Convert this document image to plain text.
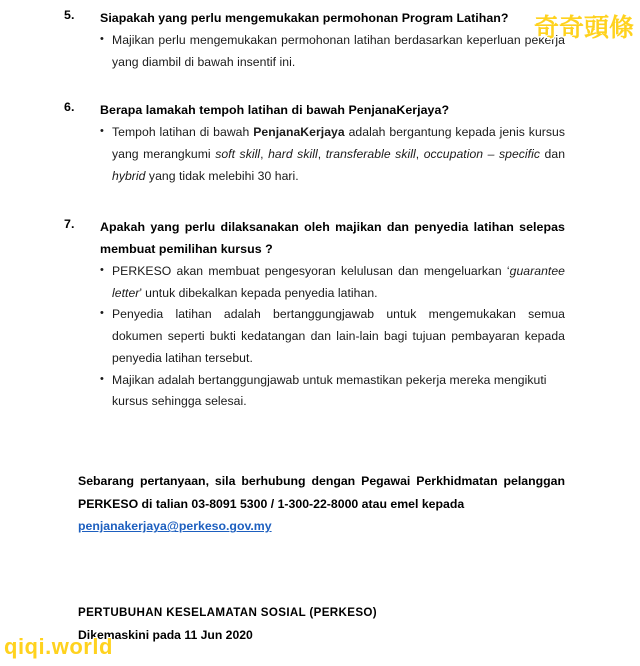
5.	Siapakah yang perlu mengemukakan permohonan Program Latihan?
• Majikan perlu mengemukakan permohonan latihan berdasarkan keperluan pekerja yang diambil di bawah insentif ini.
6.	Berapa lamakah tempoh latihan di bawah PenjanaKerjaya?
• Tempoh latihan di bawah PenjanaKerjaya adalah bergantung kepada jenis kursus yang merangkumi soft skill, hard skill, transferable skill, occupation – specific dan hybrid yang tidak melebihi 30 hari.
7.	Apakah yang perlu dilaksanakan oleh majikan dan penyedia latihan selepas membuat pemilihan kursus ?
• PERKESO akan membuat pengesyoran kelulusan dan mengeluarkan ‘guarantee letter’ untuk dibekalkan kepada penyedia latihan.
• Penyedia latihan adalah bertanggungjawab untuk mengemukakan semua dokumen seperti bukti kedatangan dan lain-lain bagi tujuan pembayaran kepada penyedia latihan tersebut.
• Majikan adalah bertanggungjawab untuk memastikan pekerja mereka mengikuti kursus sehingga selesai.
Sebarang pertanyaan, sila berhubung dengan Pegawai Perkhidmatan pelanggan PERKESO di talian 03-8091 5300 / 1-300-22-8000 atau emel kepada
penjanakerjaya@perkeso.gov.my
PERTUBUHAN KESELAMATAN SOSIAL (PERKESO)
Dikemaskini pada 11 Jun 2020
奇奇頭條
qiqi.world
